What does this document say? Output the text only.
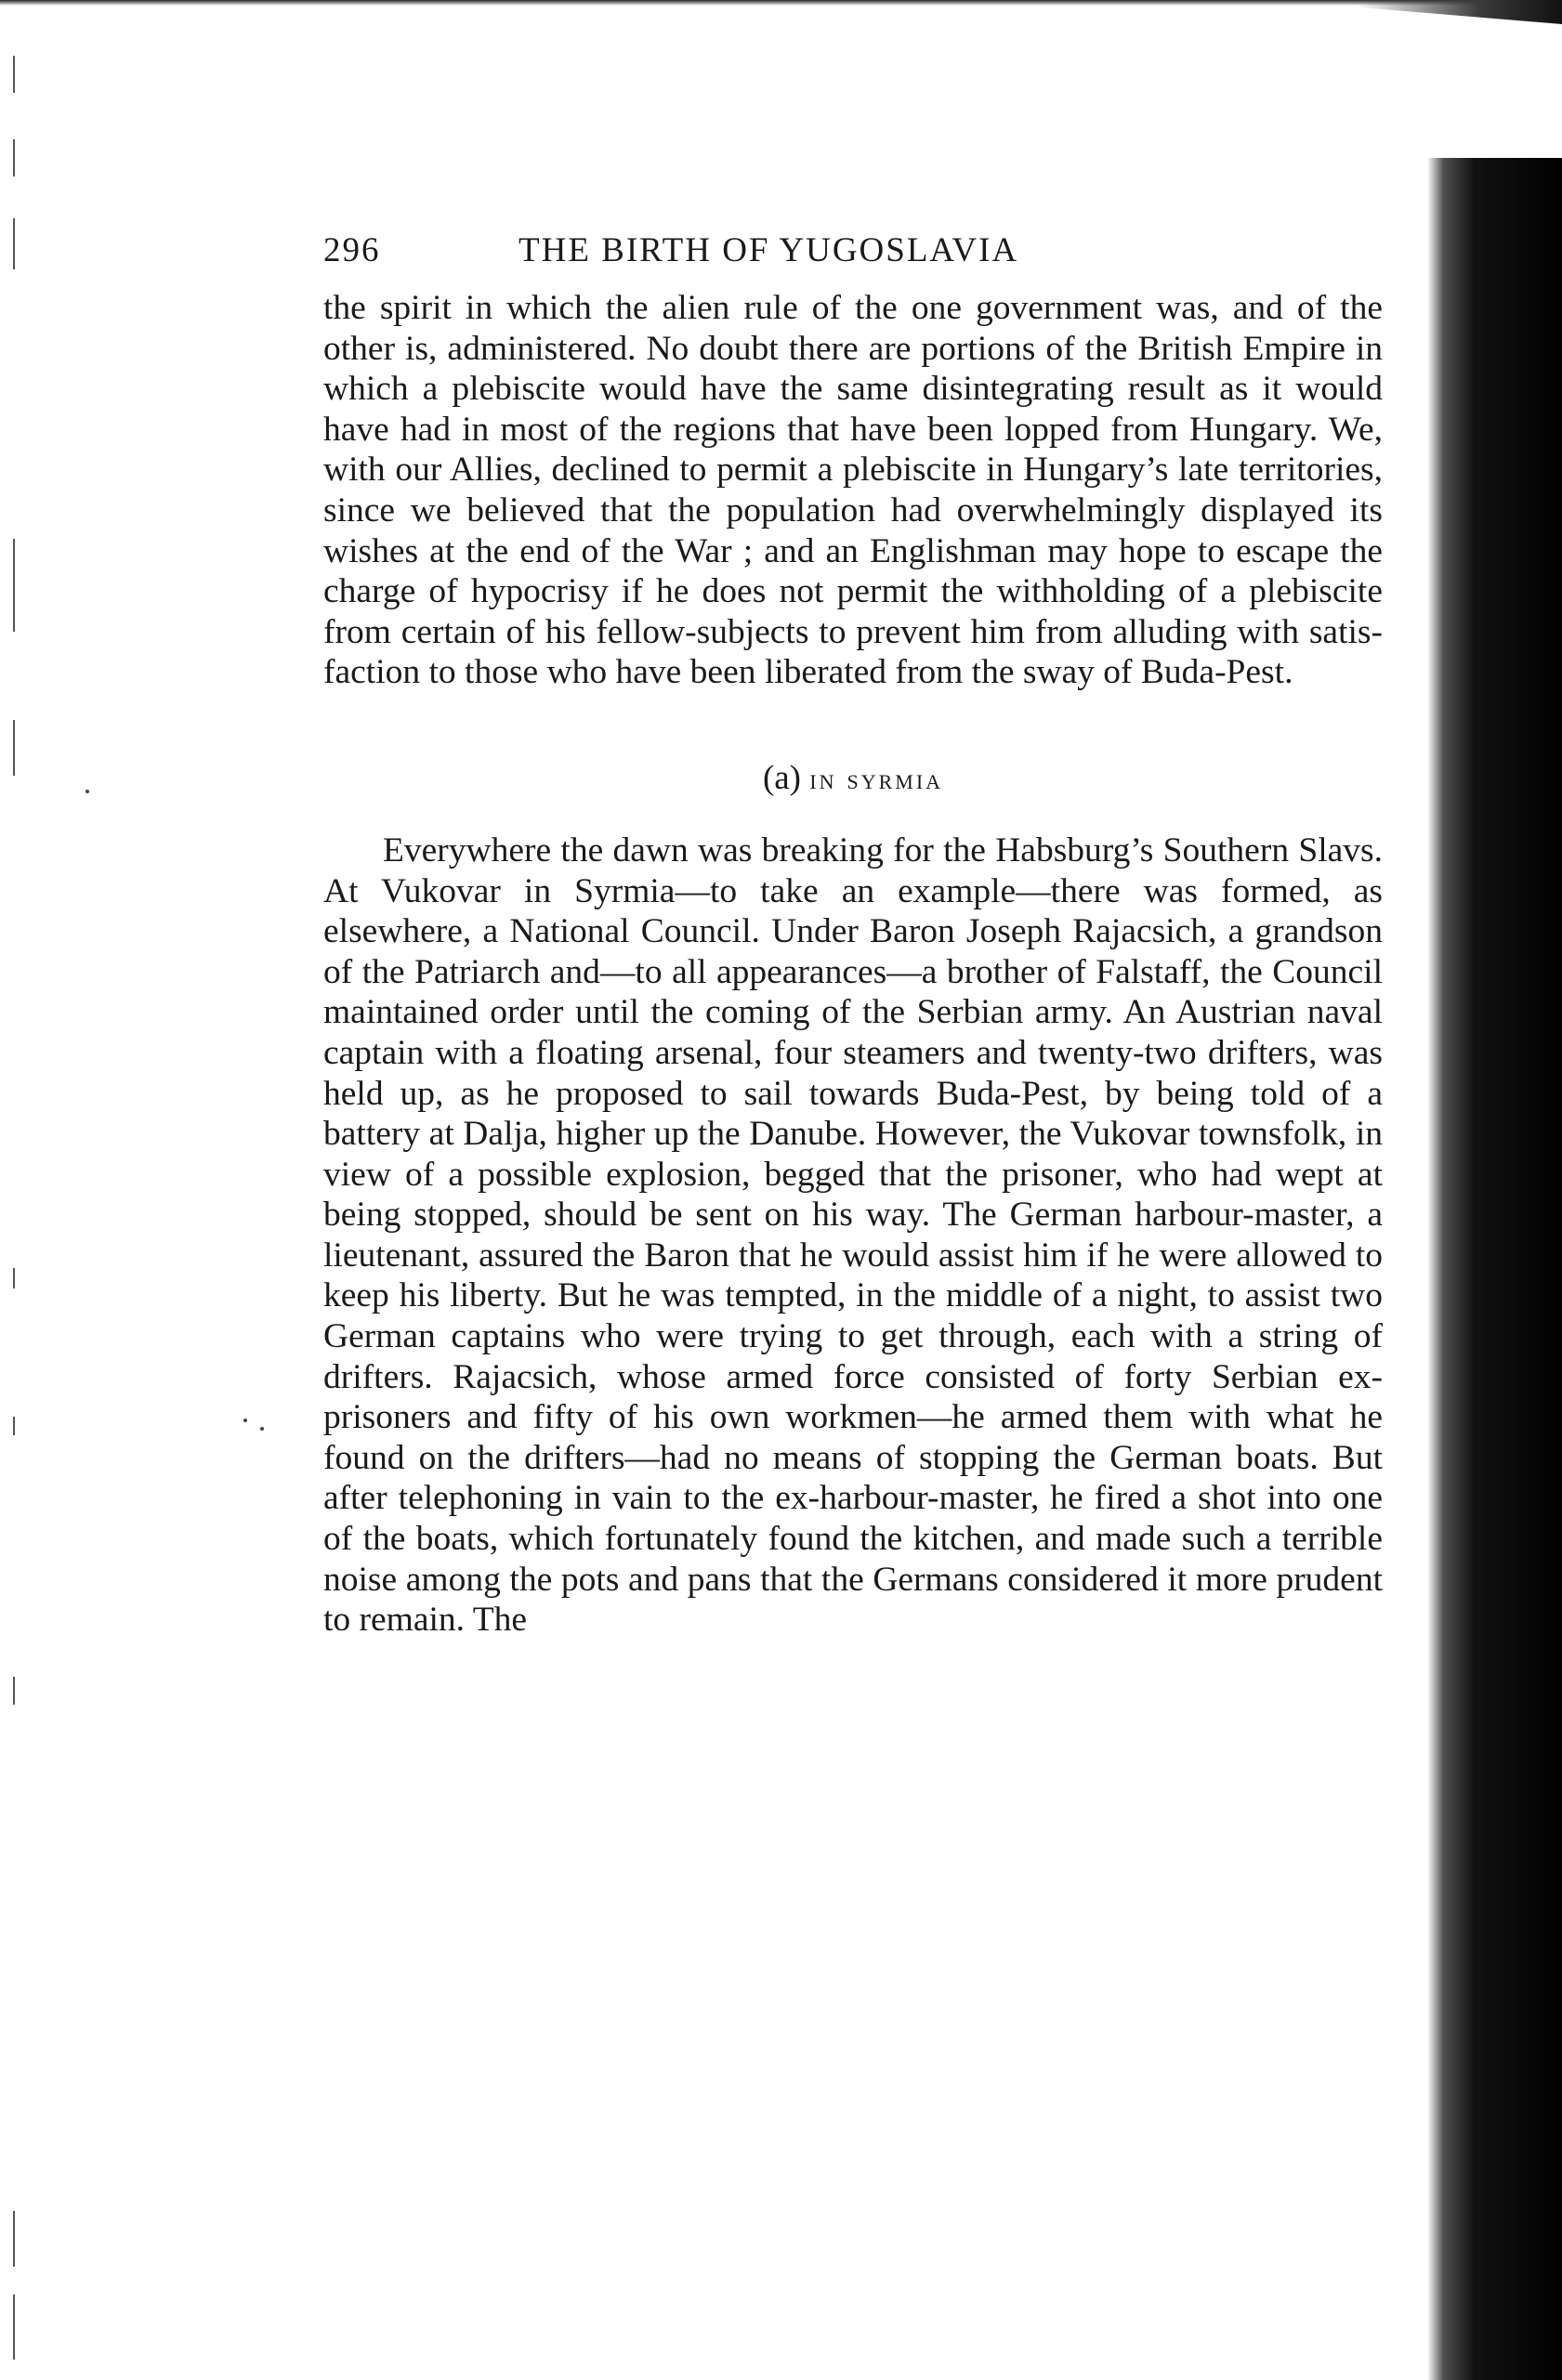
296	THE BIRTH OF YUGOSLAVIA

the spirit in which the alien rule of the one government was, and of the other is, administered. No doubt there are portions of the British Empire in which a plebiscite would have the same disintegrating result as it would have had in most of the regions that have been lopped from Hungary. We, with our Allies, declined to permit a plebiscite in Hungary’s late territories, since we believed that the population had overwhelmingly displayed its wishes at the end of the War ; and an Englishman may hope to escape the charge of hypocrisy if he does not permit the withholding of a plebiscite from certain of his fellow-subjects to prevent him from alluding with satisfaction to those who have been liberated from the sway of Buda-Pest.

(a) in syrmia

Everywhere the dawn was breaking for the Habsburg’s Southern Slavs. At Vukovar in Syrmia—to take an example—there was formed, as elsewhere, a National Council. Under Baron Joseph Rajacsich, a grandson of the Patriarch and—to all appearances—a brother of Falstaff, the Council maintained order until the coming of the Serbian army. An Austrian naval captain with a floating arsenal, four steamers and twenty-two drifters, was held up, as he proposed to sail towards Buda-Pest, by being told of a battery at Dalja, higher up the Danube. However, the Vukovar townsfolk, in view of a possible explosion, begged that the prisoner, who had wept at being stopped, should be sent on his way. The German harbour-master, a lieutenant, assured the Baron that he would assist him if he were allowed to keep his liberty. But he was tempted, in the middle of a night, to assist two German captains who were trying to get through, each with a string of drifters. Rajacsich, whose armed force consisted of forty Serbian ex-prisoners and fifty of his own workmen—he armed them with what he found on the drifters—had no means of stopping the German boats. But after telephoning in vain to the ex-harbour-master, he fired a shot into one of the boats, which fortunately found the kitchen, and made such a terrible noise among the pots and pans that the Germans considered it more prudent to remain. The
